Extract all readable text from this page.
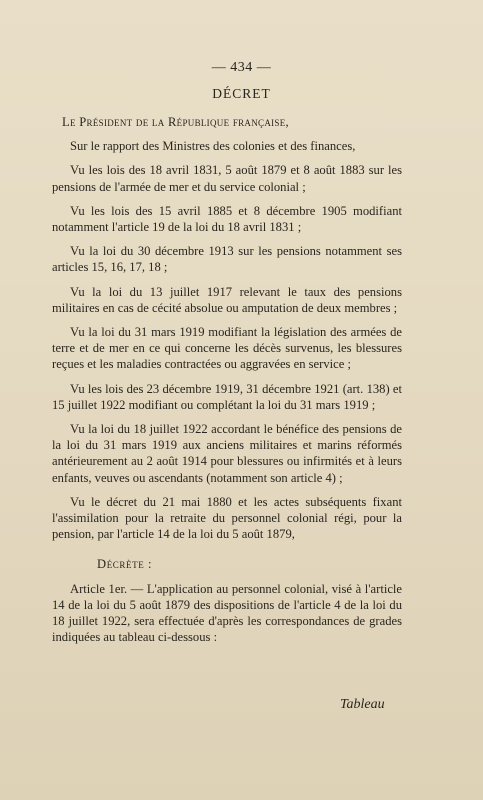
— 434 —
DÉCRET

Le Président de la République française,

Sur le rapport des Ministres des colonies et des finances,

Vu les lois des 18 avril 1831, 5 août 1879 et 8 août 1883 sur les pensions de l'armée de mer et du service colonial ;

Vu les lois des 15 avril 1885 et 8 décembre 1905 modifiant notamment l'article 19 de la loi du 18 avril 1831 ;

Vu la loi du 30 décembre 1913 sur les pensions notamment ses articles 15, 16, 17, 18 ;

Vu la loi du 13 juillet 1917 relevant le taux des pensions militaires en cas de cécité absolue ou amputation de deux membres ;

Vu la loi du 31 mars 1919 modifiant la législation des armées de terre et de mer en ce qui concerne les décès survenus, les blessures reçues et les maladies contractées ou aggravées en service ;

Vu les lois des 23 décembre 1919, 31 décembre 1921 (art. 138) et 15 juillet 1922 modifiant ou complétant la loi du 31 mars 1919 ;

Vu la loi du 18 juillet 1922 accordant le bénéfice des pensions de la loi du 31 mars 1919 aux anciens militaires et marins réformés antérieurement au 2 août 1914 pour blessures ou infirmités et à leurs enfants, veuves ou ascendants (notamment son article 4) ;

Vu le décret du 21 mai 1880 et les actes subséquents fixant l'assimilation pour la retraite du personnel colonial régi, pour la pension, par l'article 14 de la loi du 5 août 1879,

Décrète :

Article 1er. — L'application au personnel colonial, visé à l'article 14 de la loi du 5 août 1879 des dispositions de l'article 4 de la loi du 18 juillet 1922, sera effectuée d'après les correspondances de grades indiquées au tableau ci-dessous :

Tableau
